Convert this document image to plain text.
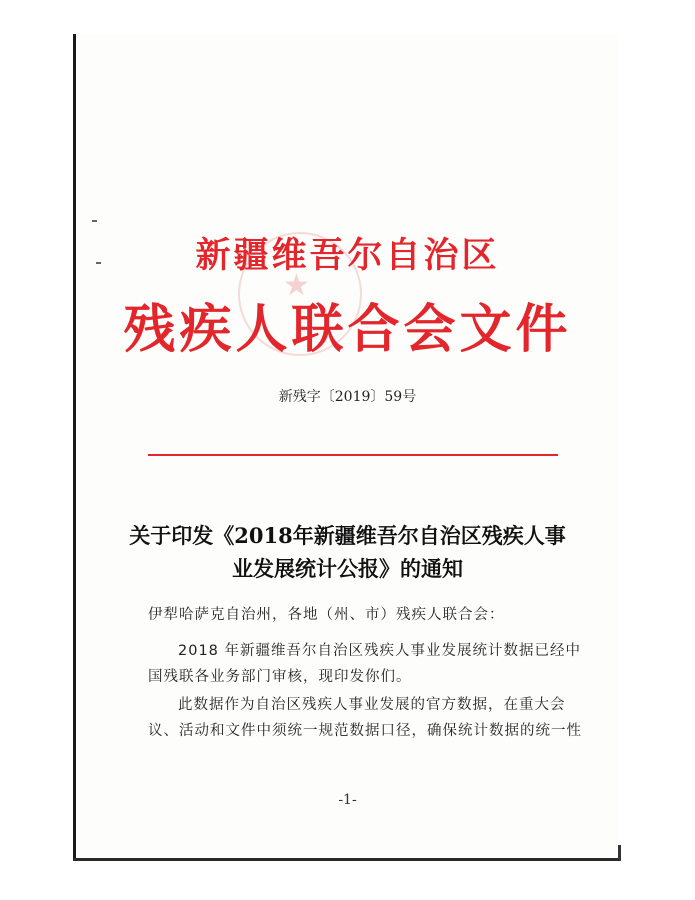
★
新疆维吾尔自治区
残疾人联合会文件
新残字〔2019〕59号
关于印发《2018年新疆维吾尔自治区残疾人事
业发展统计公报》的通知
伊犁哈萨克自治州，各地（州、市）残疾人联合会：
2018 年新疆维吾尔自治区残疾人事业发展统计数据已经中
国残联各业务部门审核，现印发你们。
此数据作为自治区残疾人事业发展的官方数据，在重大会
议、活动和文件中须统一规范数据口径，确保统计数据的统一性
-1-
